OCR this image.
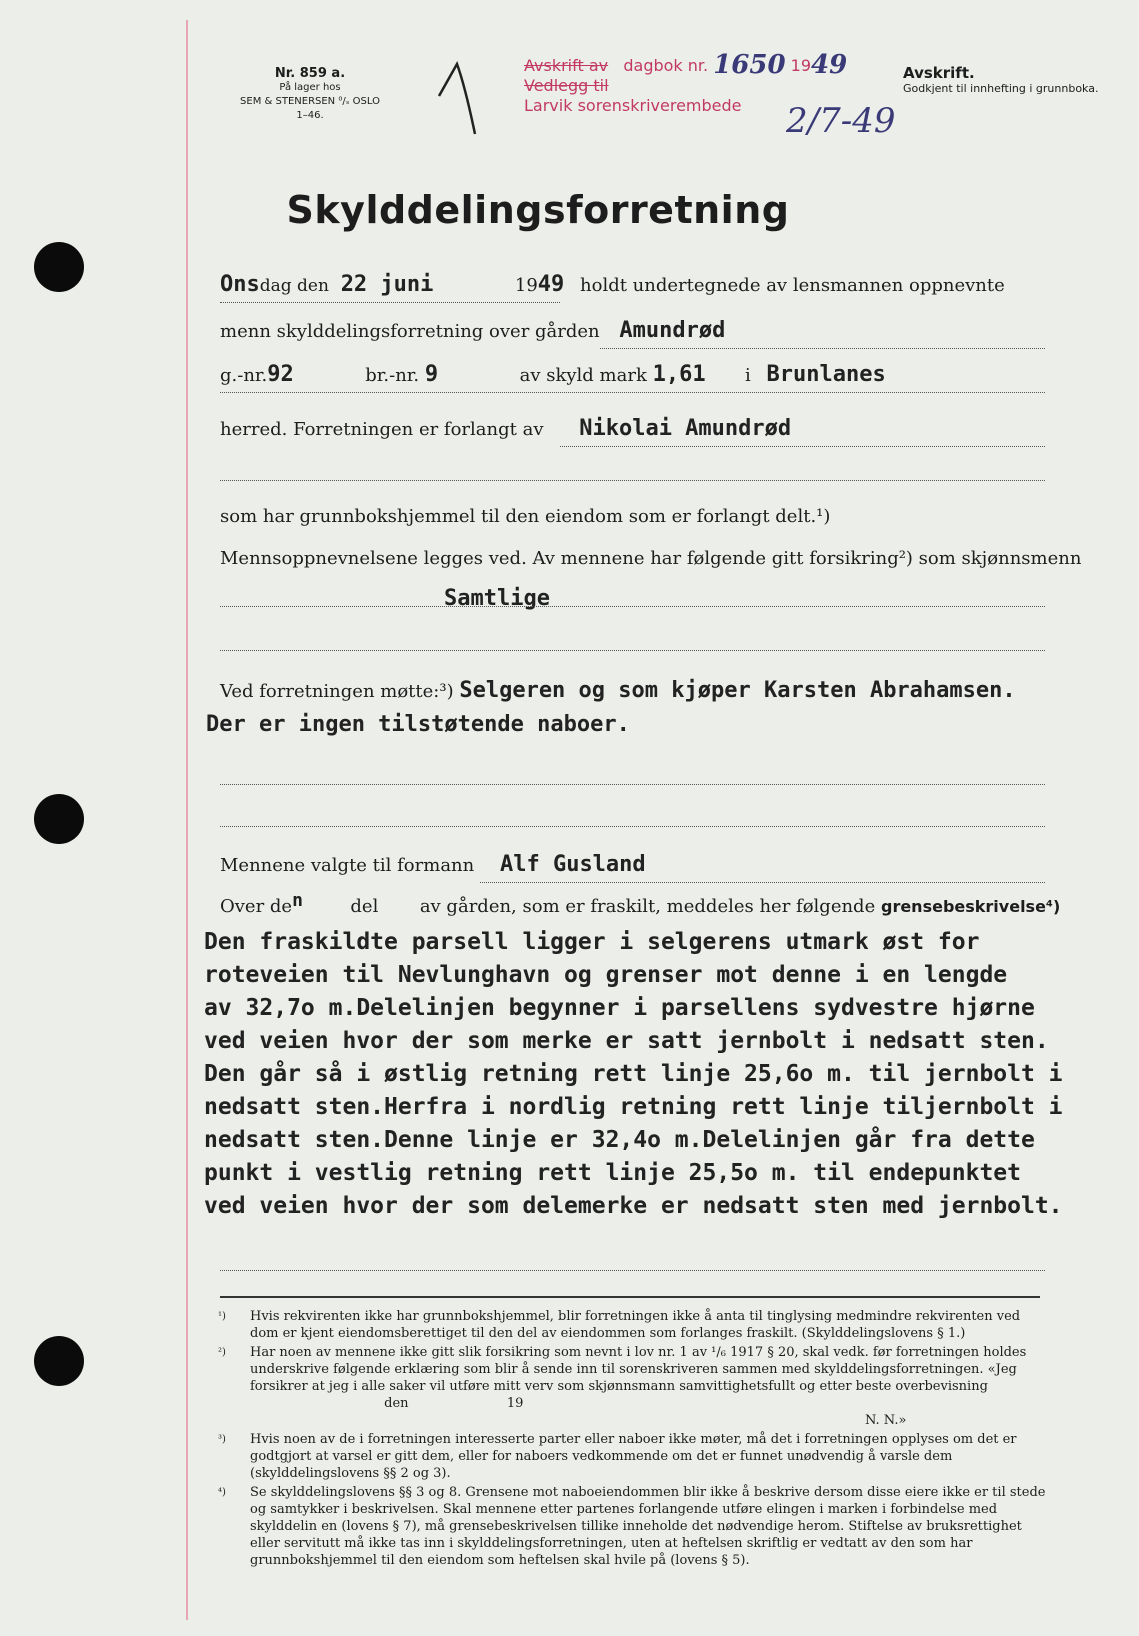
Nr. 859 a.
På lager hos
SEM & STENERSEN ⁰/ₛ OSLO
1–46.
Avskrift av dagbok nr. 1650 1949
Vedlegg til
Larvik sorenskriverembede	2/7-49
Avskrift.
Godkjent til innhefting i grunnboka.
Skylddelingsforretning
Onsdag den 22 juni	1949 holdt undertegnede av lensmannen oppnevnte
menn skylddelingsforretning over gården Amundrød
g.-nr.92	br.-nr. 9	av skyld mark 1,61 i Brunlanes
herred. Forretningen er forlangt av Nikolai Amundrød
som har grunnbokshjemmel til den eiendom som er forlangt delt.¹)
Mennsoppnevnelsene legges ved. Av mennene har følgende gitt forsikring²) som skjønnsmenn
Samtlige
Ved forretningen møtte:³) Selgeren og som kjøper Karsten Abrahamsen.
Der er ingen tilstøtende naboer.
Mennene valgte til formann Alf Gusland
Over den	del av gården, som er fraskilt, meddeles her følgende grensebeskrivelse⁴)
Den fraskildte parsell ligger i selgerens utmark øst for
roteveien til Nevlunghavn og grenser mot denne i en lengde
av 32,7o m.Delelinjen begynner i parsellens sydvestre hjørne
ved veien hvor der som merke er satt jernbolt i nedsatt sten.
Den går så i østlig retning rett linje 25,6o m. til jernbolt i
nedsatt sten.Herfra i nordlig retning rett linje tiljernbolt i
nedsatt sten.Denne linje er 32,4o m.Delelinjen går fra dette
punkt i vestlig retning rett linje 25,5o m. til endepunktet
ved veien hvor der som delemerke er nedsatt sten med jernbolt.
¹)	Hvis rekvirenten ikke har grunnbokshjemmel, blir forretningen ikke å anta til tinglysing medmindre rekvirenten ved dom er kjent eiendomsberettiget til den del av eiendommen som forlanges fraskilt. (Skylddelingslovens § 1.)
²)	Har noen av mennene ikke gitt slik forsikring som nevnt i lov nr. 1 av ¹/₆ 1917 § 20, skal vedk. før forretningen holdes underskrive følgende erklæring som blir å sende inn til sorenskriveren sammen med skylddelingsforretningen. «Jeg forsikrer at jeg i alle saker vil utføre mitt verv som skjønnsmann samvittighetsfullt og etter beste overbevisning  den	19
N. N.»
³)	Hvis noen av de i forretningen interesserte parter eller naboer ikke møter, må det i forretningen opplyses om det er godtgjort at varsel er gitt dem, eller for naboers vedkommende om det er funnet unødvendig å varsle dem (skylddelingslovens §§ 2 og 3).
⁴)	Se skylddelingslovens §§ 3 og 8. Grensene mot naboeiendommen blir ikke å beskrive dersom disse eiere ikke er til stede og samtykker i beskrivelsen. Skal mennene etter partenes forlangende utføre elingen i marken i forbindelse med skylddelin en (lovens § 7), må grensebeskrivelsen tillike inneholde det nødvendige herom. Stiftelse av bruksrettighet eller servitutt må ikke tas inn i skylddelingsforretningen, uten at heftelsen skriftlig er vedtatt av den som har grunnbokshjemmel til den eiendom som heftelsen skal hvile på (lovens § 5).
